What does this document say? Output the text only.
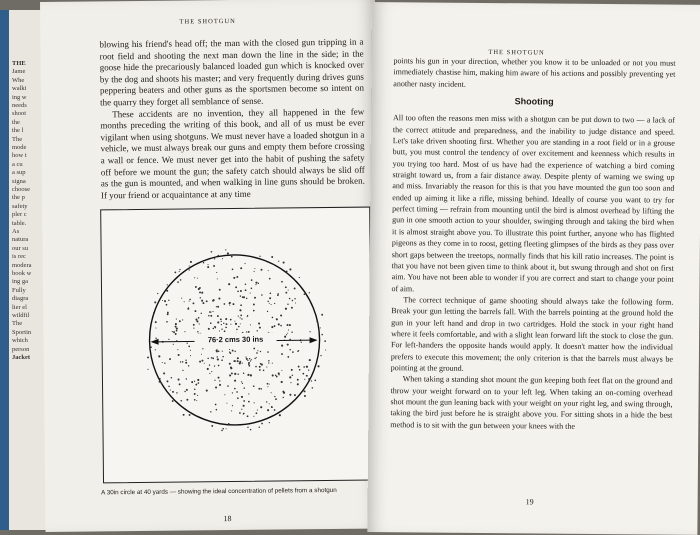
THE
Jame
Whe
walki
ing w
needs
shoot
the
the l
The
mode
how t
a cu
a sup
signa
choose
the p
safety
pler c
table.
As
natura
our su
is rec
modera
book w
ing ga
Fully
diagra
lier el
wildfil
The
Sportin
which
person
Jacket
THE SHOTGUN

blowing his friend's head off; the man with the closed gun tripping in a root field and shooting the next man down the line in the side; in the goose hide the precariously balanced loaded gun which is knocked over by the dog and shoots his master; and very frequently during drives guns peppering beaters and other guns as the sportsmen become so intent on the quarry they forget all semblance of sense.

These accidents are no invention, they all happened in the few months preceding the writing of this book, and all of us must be ever vigilant when using shotguns. We must never have a loaded shotgun in a vehicle, we must always break our guns and empty them before crossing a wall or fence. We must never get into the habit of pushing the safety off before we mount the gun; the safety catch should always be slid off as the gun is mounted, and when walking in line guns should be broken. If your friend or acquaintance at any time

76·2 cms 30 ins
A 30in circle at 40 yards — showing the ideal concentration of pellets from a shotgun
18
THE SHOTGUN

points his gun in your direction, whether you know it to be unloaded or not you must immediately chastise him, making him aware of his actions and possibly preventing yet another nasty incident.

Shooting

All too often the reasons men miss with a shotgun can be put down to two — a lack of the correct attitude and preparedness, and the inability to judge distance and speed. Let's take driven shooting first. Whether you are standing in a root field or in a grouse butt, you must control the tendency of over excitement and keenness which results in you trying too hard. Most of us have had the experience of watching a bird coming straight toward us, from a fair distance away. Despite plenty of warning we swing up and miss. Invariably the reason for this is that you have mounted the gun too soon and ended up aiming it like a rifle, missing behind. Ideally of course you want to try for perfect timing — refrain from mounting until the bird is almost overhead by lifting the gun in one smooth action to your shoulder, swinging through and taking the bird when it is almost straight above you. To illustrate this point further, anyone who has flighted pigeons as they come in to roost, getting fleeting glimpses of the birds as they pass over short gaps between the treetops, normally finds that his kill ratio increases. The point is that you have not been given time to think about it, but swung through and shot on first aim. You have not been able to wonder if you are correct and start to change your point of aim.

The correct technique of game shooting should always take the following form. Break your gun letting the barrels fall. With the barrels pointing at the ground hold the gun in your left hand and drop in two cartridges. Hold the stock in your right hand where it feels comfortable, and with a slight lean forward lift the stock to close the gun. For left-handers the opposite hands would apply. It doesn't matter how the individual prefers to execute this movement; the only criterion is that the barrels must always be pointing at the ground.

When taking a standing shot mount the gun keeping both feet flat on the ground and throw your weight forward on to your left leg. When taking an on-coming overhead shot mount the gun leaning back with your weight on your right leg, and swing through, taking the bird just before he is straight above you. For sitting shots in a hide the best method is to sit with the gun between your knees with the

19
